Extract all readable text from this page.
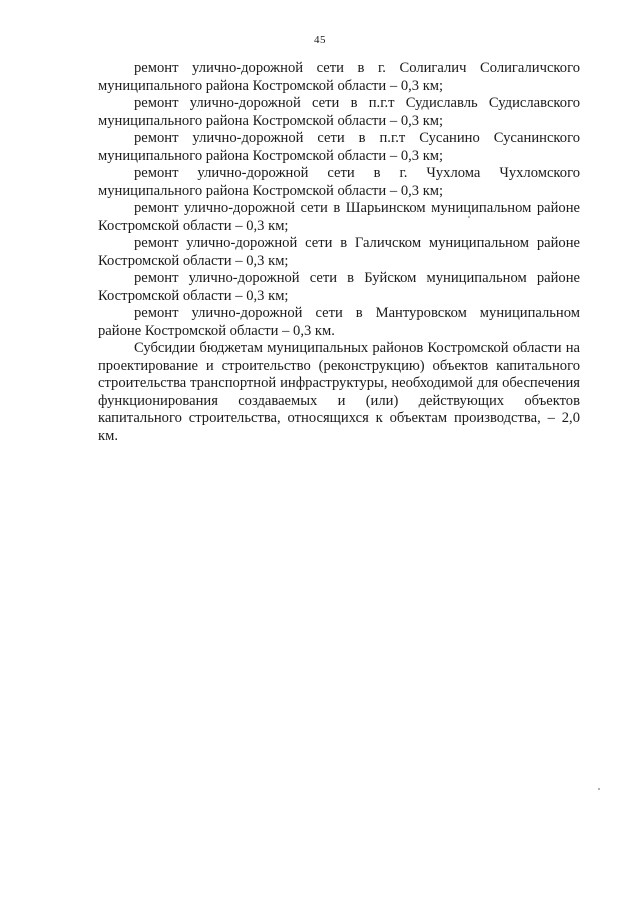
45

ремонт улично-дорожной сети в г. Солигалич Солигаличского муниципального района Костромской области – 0,3 км;

ремонт улично-дорожной сети в п.г.т Судиславль Судиславского муниципального района Костромской области – 0,3 км;

ремонт улично-дорожной сети в п.г.т Сусанино Сусанинского муниципального района Костромской области – 0,3 км;

ремонт улично-дорожной сети в г. Чухлома Чухломского муниципального района Костромской области – 0,3 км;

ремонт улично-дорожной сети в Шарьинском муниципальном районе Костромской области – 0,3 км;

ремонт улично-дорожной сети в Галичском муниципальном районе Костромской области – 0,3 км;

ремонт улично-дорожной сети в Буйском муниципальном районе Костромской области – 0,3 км;

ремонт улично-дорожной сети в Мантуровском муниципальном районе Костромской области – 0,3 км.

Субсидии бюджетам муниципальных районов Костромской области на проектирование и строительство (реконструкцию) объектов капитального строительства транспортной инфраструктуры, необходимой для обеспечения функционирования создаваемых и (или) действующих объектов капитального строительства, относящихся к объектам производства, – 2,0 км.
